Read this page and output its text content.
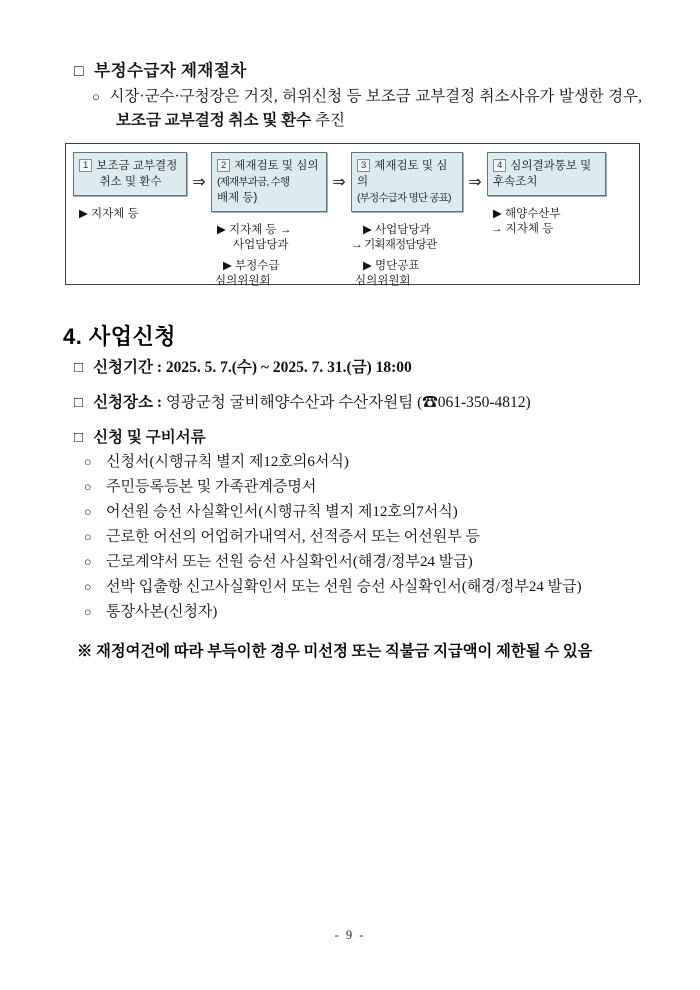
□ 부정수급자 제재절차
○ 시장·군수·구청장은 거짓, 허위신청 등 보조금 교부결정 취소사유가 발생한 경우, 보조금 교부결정 취소 및 환수 추진
1 보조금 교부결정
취소 및 환수
▶ 지자체 등
⇒
2 제재검토 및 심의
(제재부과금, 수행
배제 등)
▶ 지자체 등 →
사업담당과
▶ 부정수급
심의위원회
⇒
3 제재검토 및 심의
(부정수급자 명단 공표)
▶ 사업담당과
→ 기획재정담당관
▶ 명단공표
심의위원회
⇒
4 심의결과통보 및
후속조치
▶ 해양수산부
→ 지자체 등
4. 사업신청
□ 신청기간 : 2025. 5. 7.(수) ~ 2025. 7. 31.(금) 18:00
□ 신청장소 : 영광군청 굴비해양수산과 수산자원팀 (☎061-350-4812)
□ 신청 및 구비서류
○ 신청서(시행규칙 별지 제12호의6서식)
○ 주민등록등본 및 가족관계증명서
○ 어선원 승선 사실확인서(시행규칙 별지 제12호의7서식)
○ 근로한 어선의 어업허가내역서, 선적증서 또는 어선원부 등
○ 근로계약서 또는 선원 승선 사실확인서(해경/정부24 발급)
○ 선박 입출항 신고사실확인서 또는 선원 승선 사실확인서(해경/정부24 발급)
○ 통장사본(신청자)
※ 재정여건에 따라 부득이한 경우 미선정 또는 직불금 지급액이 제한될 수 있음
- 9 -
